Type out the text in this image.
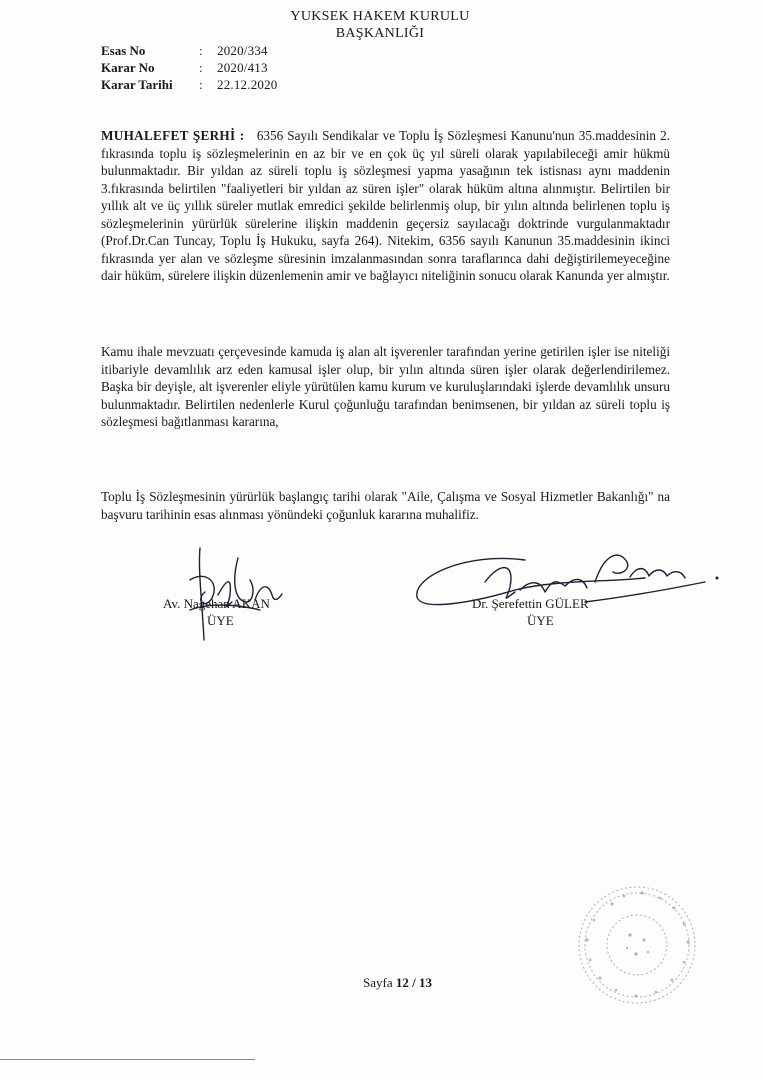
YUKSEK HAKEM KURULU
BAŞKANLIĞI
Esas No	:	2020/334
Karar No	:	2020/413
Karar Tarihi	:	22.12.2020

MUHALEFET ŞERHİ : 6356 Sayılı Sendikalar ve Toplu İş Sözleşmesi Kanunu'nun 35.maddesinin 2. fıkrasında toplu iş sözleşmelerinin en az bir ve en çok üç yıl süreli olarak yapılabileceği amir hükmü bulunmaktadır. Bir yıldan az süreli toplu iş sözleşmesi yapma yasağının tek istisnası aynı maddenin 3.fıkrasında belirtilen "faaliyetleri bir yıldan az süren işler" olarak hüküm altına alınmıştır. Belirtilen bir yıllık alt ve üç yıllık süreler mutlak emredici şekilde belirlenmiş olup, bir yılın altında belirlenen toplu iş sözleşmelerinin yürürlük sürelerine ilişkin maddenin geçersiz sayılacağı doktrinde vurgulanmaktadır (Prof.Dr.Can Tuncay, Toplu İş Hukuku, sayfa 264). Nitekim, 6356 sayılı Kanunun 35.maddesinin ikinci fıkrasında yer alan ve sözleşme süresinin imzalanmasından sonra taraflarınca dahi değiştirilemeyeceğine dair hüküm, sürelere ilişkin düzenlemenin amir ve bağlayıcı niteliğinin sonucu olarak Kanunda yer almıştır.

Kamu ihale mevzuatı çerçevesinde kamuda iş alan alt işverenler tarafından yerine getirilen işler ise niteliği itibariyle devamlılık arz eden kamusal işler olup, bir yılın altında süren işler olarak değerlendirilemez. Başka bir deyişle, alt işverenler eliyle yürütülen kamu kurum ve kuruluşlarındaki işlerde devamlılık unsuru bulunmaktadır. Belirtilen nedenlerle Kurul çoğunluğu tarafından benimsenen, bir yıldan az süreli toplu iş sözleşmesi bağıtlanması kararına,

Toplu İş Sözleşmesinin yürürlük başlangıç tarihi olarak "Aile, Çalışma ve Sosyal Hizmetler Bakanlığı" na başvuru tarihinin esas alınması yönündeki çoğunluk kararına muhalifiz.

Av. Nagehan AKAN
ÜYE
Dr. Şerefettin GÜLER
ÜYE
Sayfa 12 / 13
